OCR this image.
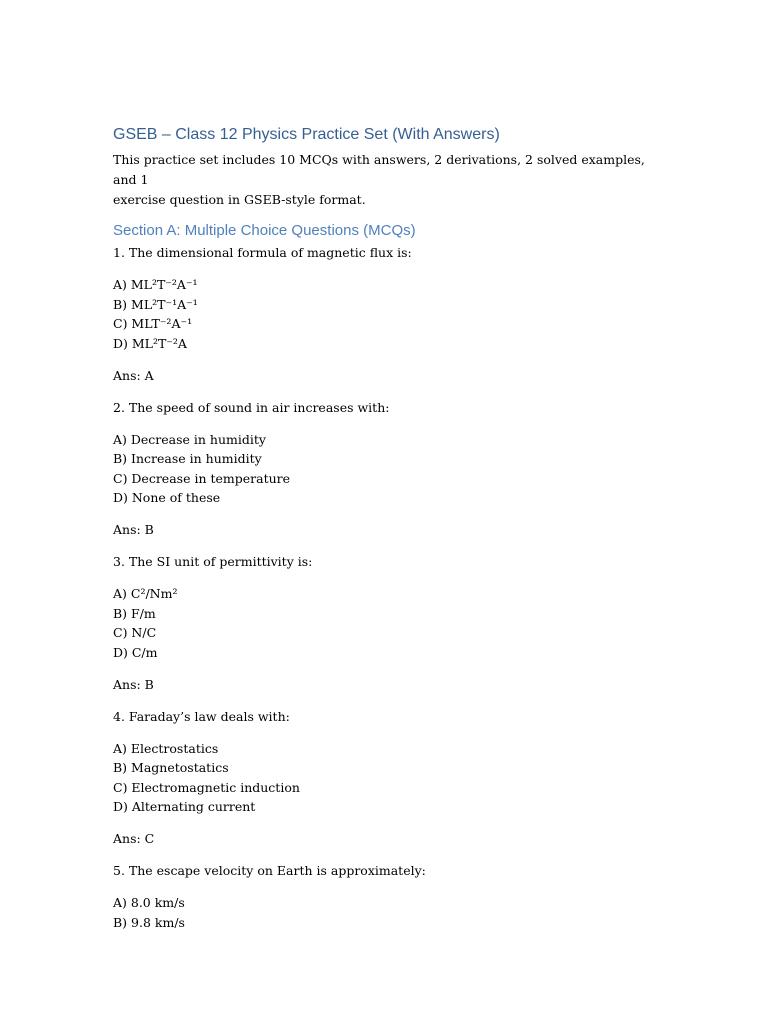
GSEB – Class 12 Physics Practice Set (With Answers)
This practice set includes 10 MCQs with answers, 2 derivations, 2 solved examples, and 1
exercise question in GSEB-style format.
Section A: Multiple Choice Questions (MCQs)
1. The dimensional formula of magnetic flux is:
A) ML²T⁻²A⁻¹
B) ML²T⁻¹A⁻¹
C) MLT⁻²A⁻¹
D) ML²T⁻²A
Ans: A
2. The speed of sound in air increases with:
A) Decrease in humidity
B) Increase in humidity
C) Decrease in temperature
D) None of these
Ans: B
3. The SI unit of permittivity is:
A) C²/Nm²
B) F/m
C) N/C
D) C/m
Ans: B
4. Faraday’s law deals with:
A) Electrostatics
B) Magnetostatics
C) Electromagnetic induction
D) Alternating current
Ans: C
5. The escape velocity on Earth is approximately:
A) 8.0 km/s
B) 9.8 km/s
